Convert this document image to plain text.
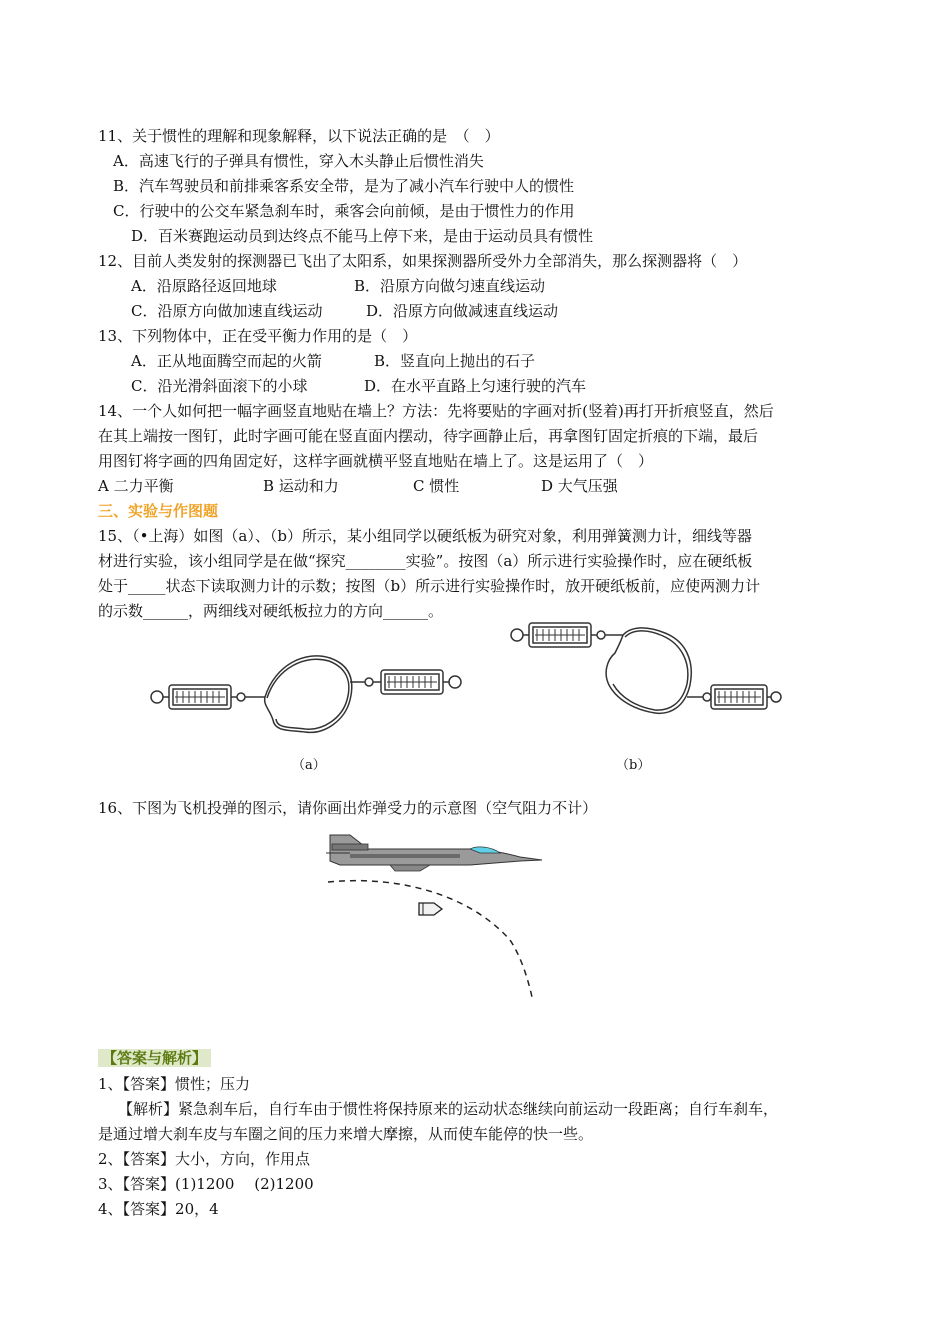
11、关于惯性的理解和现象解释，以下说法正确的是　（　）
A．高速飞行的子弹具有惯性，穿入木头静止后惯性消失
B．汽车驾驶员和前排乘客系安全带，是为了减小汽车行驶中人的惯性
C．行驶中的公交车紧急刹车时，乘客会向前倾，是由于惯性力的作用
D．百米赛跑运动员到达终点不能马上停下来，是由于运动员具有惯性
12、目前人类发射的探测器已飞出了太阳系，如果探测器所受外力全部消失，那么探测器将（　）
A．沿原路径返回地球	B．沿原方向做匀速直线运动
C．沿原方向做加速直线运动	D．沿原方向做减速直线运动
13、下列物体中，正在受平衡力作用的是（　）
A．正从地面腾空而起的火箭	B．竖直向上抛出的石子
C．沿光滑斜面滚下的小球	D．在水平直路上匀速行驶的汽车
14、一个人如何把一幅字画竖直地贴在墙上？方法：先将要贴的字画对折(竖着)再打开折痕竖直，然后
在其上端按一图钉，此时字画可能在竖直面内摆动，待字画静止后，再拿图钉固定折痕的下端，最后
用图钉将字画的四角固定好，这样字画就横平竖直地贴在墙上了。这是运用了（　）
A 二力平衡	B 运动和力	C 惯性	D 大气压强
三、实验与作图题
15、（•上海）如图（a）、（b）所示，某小组同学以硬纸板为研究对象，利用弹簧测力计，细线等器
材进行实验，该小组同学是在做“探究________实验”。按图（a）所示进行实验操作时，应在硬纸板
处于_____状态下读取测力计的示数；按图（b）所示进行实验操作时，放开硬纸板前，应使两测力计
的示数______，两细线对硬纸板拉力的方向______。
（a）	（b）
16、下图为飞机投弹的图示，请你画出炸弹受力的示意图（空气阻力不计）
【答案与解析】
1、【答案】惯性；压力
【解析】紧急刹车后，自行车由于惯性将保持原来的运动状态继续向前运动一段距离；自行车刹车，
是通过增大刹车皮与车圈之间的压力来增大摩擦，从而使车能停的快一些。
2、【答案】大小，方向，作用点
3、【答案】(1)1200　 (2)1200
4、【答案】20，4
